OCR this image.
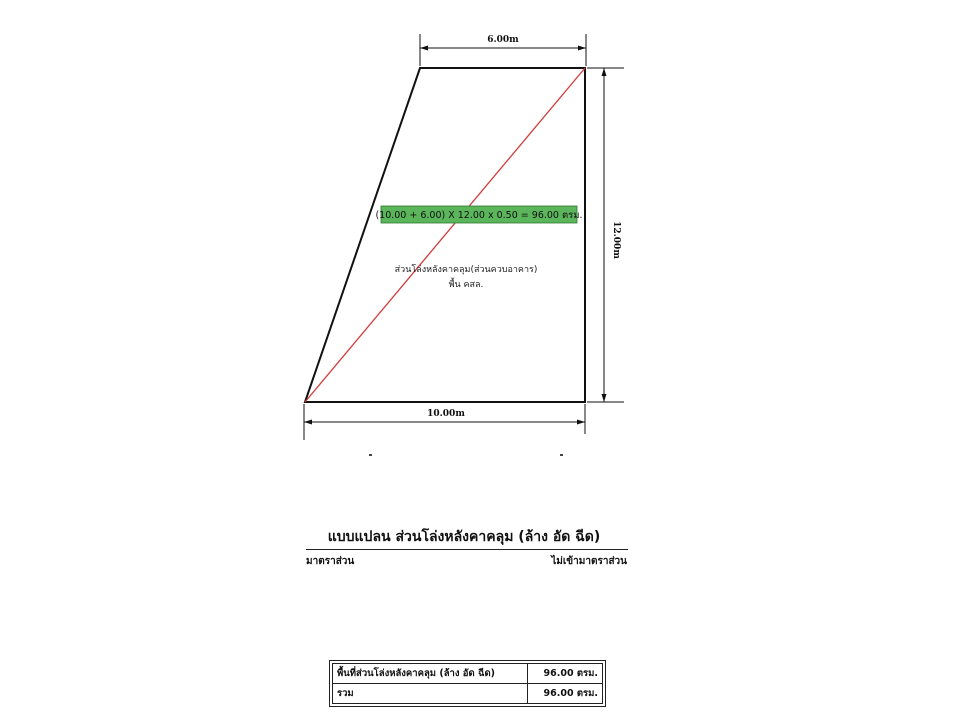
6.00m
12.00m
10.00m
(10.00 + 6.00) X 12.00 x 0.50 = 96.00 ตรม.
ส่วนโล่งหลังคาคลุม(ส่วนควบอาคาร)
พื้น คสล.
แบบแปลน ส่วนโล่งหลังคาคลุม (ล้าง อัด ฉีด)
มาตราส่วน	ไม่เข้ามาตราส่วน
พื้นที่ส่วนโล่งหลังคาคลุม (ล้าง อัด ฉีด)	96.00 ตรม.
รวม	96.00 ตรม.
